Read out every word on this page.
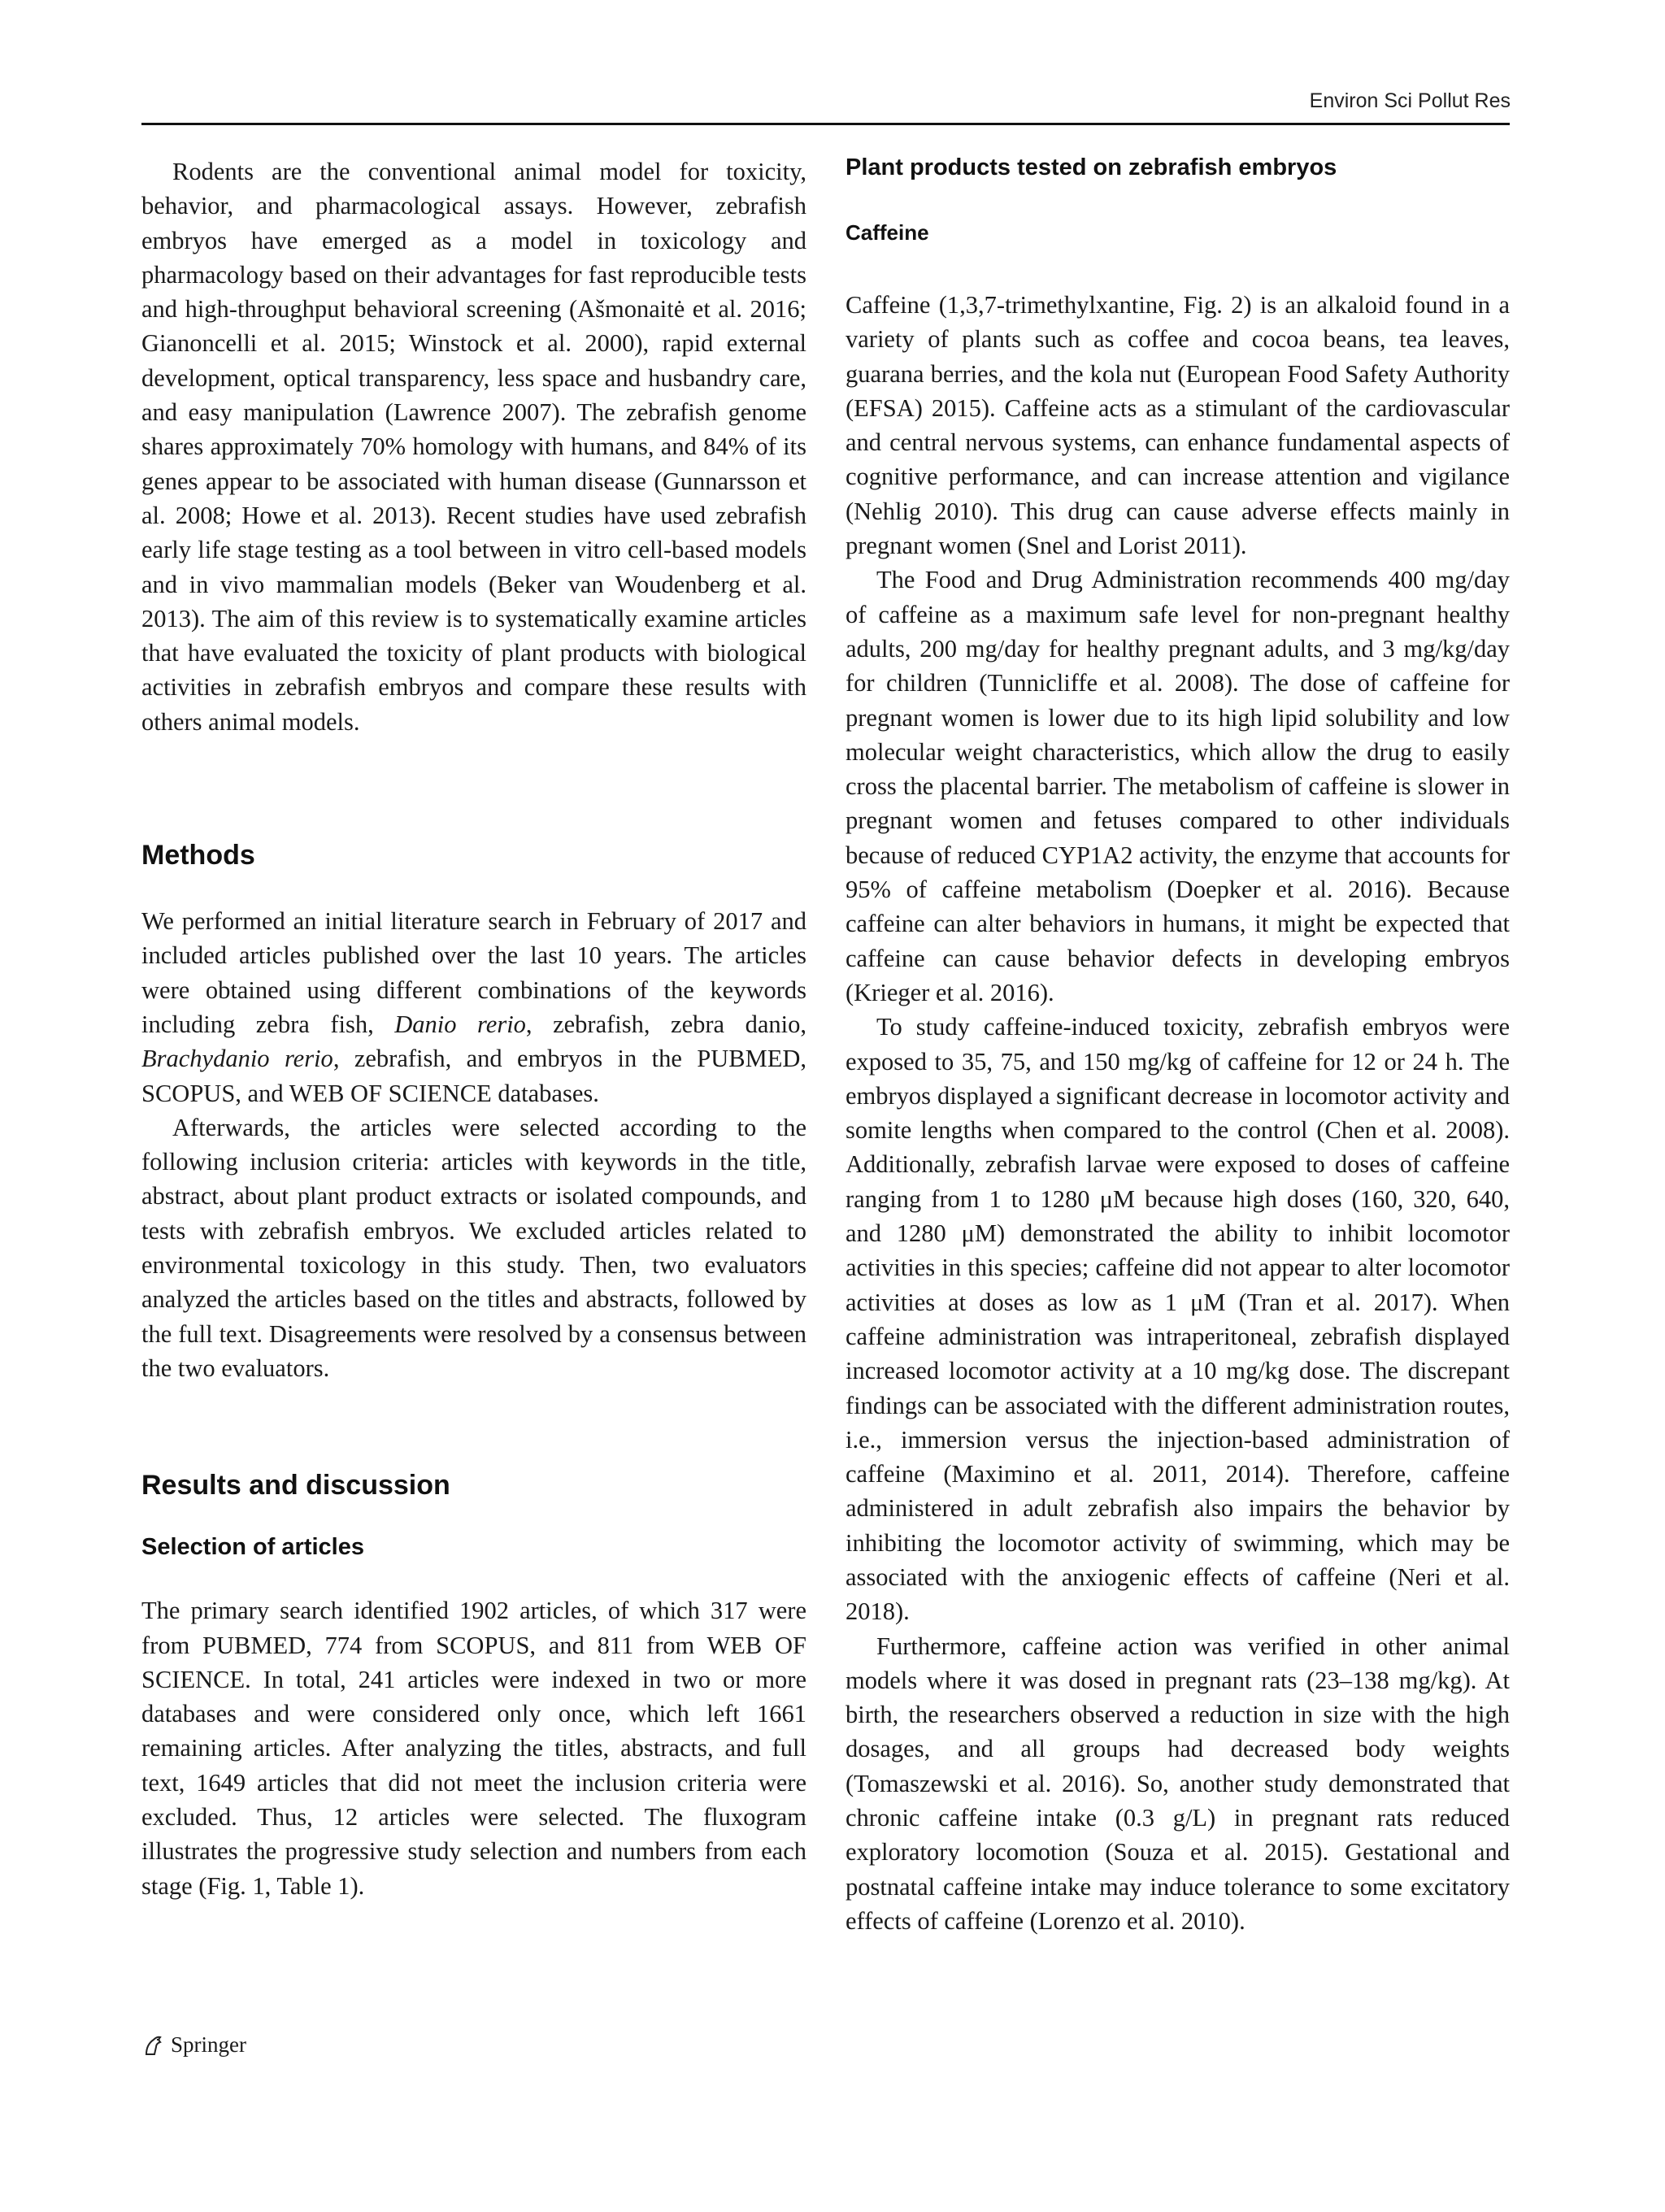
Environ Sci Pollut Res

Rodents are the conventional animal model for toxicity, behavior, and pharmacological assays. However, zebrafish embryos have emerged as a model in toxicology and pharmacology based on their advantages for fast reproducible tests and high-throughput behavioral screening (Ašmonaitė et al. 2016; Gianoncelli et al. 2015; Winstock et al. 2000), rapid external development, optical transparency, less space and husbandry care, and easy manipulation (Lawrence 2007). The zebrafish genome shares approximately 70% homology with humans, and 84% of its genes appear to be associated with human disease (Gunnarsson et al. 2008; Howe et al. 2013). Recent studies have used zebrafish early life stage testing as a tool between in vitro cell-based models and in vivo mammalian models (Beker van Woudenberg et al. 2013). The aim of this review is to systematically examine articles that have evaluated the toxicity of plant products with biological activities in zebrafish embryos and compare these results with others animal models.

Methods

We performed an initial literature search in February of 2017 and included articles published over the last 10 years. The articles were obtained using different combinations of the keywords including zebra fish, Danio rerio, zebrafish, zebra danio, Brachydanio rerio, zebrafish, and embryos in the PUBMED, SCOPUS, and WEB OF SCIENCE databases.

Afterwards, the articles were selected according to the following inclusion criteria: articles with keywords in the title, abstract, about plant product extracts or isolated compounds, and tests with zebrafish embryos. We excluded articles related to environmental toxicology in this study. Then, two evaluators analyzed the articles based on the titles and abstracts, followed by the full text. Disagreements were resolved by a consensus between the two evaluators.

Results and discussion
Selection of articles

The primary search identified 1902 articles, of which 317 were from PUBMED, 774 from SCOPUS, and 811 from WEB OF SCIENCE. In total, 241 articles were indexed in two or more databases and were considered only once, which left 1661 remaining articles. After analyzing the titles, abstracts, and full text, 1649 articles that did not meet the inclusion criteria were excluded. Thus, 12 articles were selected. The fluxogram illustrates the progressive study selection and numbers from each stage (Fig. 1, Table 1).

Plant products tested on zebrafish embryos
Caffeine

Caffeine (1,3,7-trimethylxantine, Fig. 2) is an alkaloid found in a variety of plants such as coffee and cocoa beans, tea leaves, guarana berries, and the kola nut (European Food Safety Authority (EFSA) 2015). Caffeine acts as a stimulant of the cardiovascular and central nervous systems, can enhance fundamental aspects of cognitive performance, and can increase attention and vigilance (Nehlig 2010). This drug can cause adverse effects mainly in pregnant women (Snel and Lorist 2011).

The Food and Drug Administration recommends 400 mg/day of caffeine as a maximum safe level for non-pregnant healthy adults, 200 mg/day for healthy pregnant adults, and 3 mg/kg/day for children (Tunnicliffe et al. 2008). The dose of caffeine for pregnant women is lower due to its high lipid solubility and low molecular weight characteristics, which allow the drug to easily cross the placental barrier. The metabolism of caffeine is slower in pregnant women and fetuses compared to other individuals because of reduced CYP1A2 activity, the enzyme that accounts for 95% of caffeine metabolism (Doepker et al. 2016). Because caffeine can alter behaviors in humans, it might be expected that caffeine can cause behavior defects in developing embryos (Krieger et al. 2016).

To study caffeine-induced toxicity, zebrafish embryos were exposed to 35, 75, and 150 mg/kg of caffeine for 12 or 24 h. The embryos displayed a significant decrease in locomotor activity and somite lengths when compared to the control (Chen et al. 2008). Additionally, zebrafish larvae were exposed to doses of caffeine ranging from 1 to 1280 μM because high doses (160, 320, 640, and 1280 μM) demonstrated the ability to inhibit locomotor activities in this species; caffeine did not appear to alter locomotor activities at doses as low as 1 μM (Tran et al. 2017). When caffeine administration was intraperitoneal, zebrafish displayed increased locomotor activity at a 10 mg/kg dose. The discrepant findings can be associated with the different administration routes, i.e., immersion versus the injection-based administration of caffeine (Maximino et al. 2011, 2014). Therefore, caffeine administered in adult zebrafish also impairs the behavior by inhibiting the locomotor activity of swimming, which may be associated with the anxiogenic effects of caffeine (Neri et al. 2018).

Furthermore, caffeine action was verified in other animal models where it was dosed in pregnant rats (23–138 mg/kg). At birth, the researchers observed a reduction in size with the high dosages, and all groups had decreased body weights (Tomaszewski et al. 2016). So, another study demonstrated that chronic caffeine intake (0.3 g/L) in pregnant rats reduced exploratory locomotion (Souza et al. 2015). Gestational and postnatal caffeine intake may induce tolerance to some excitatory effects of caffeine (Lorenzo et al. 2010).

Springer
